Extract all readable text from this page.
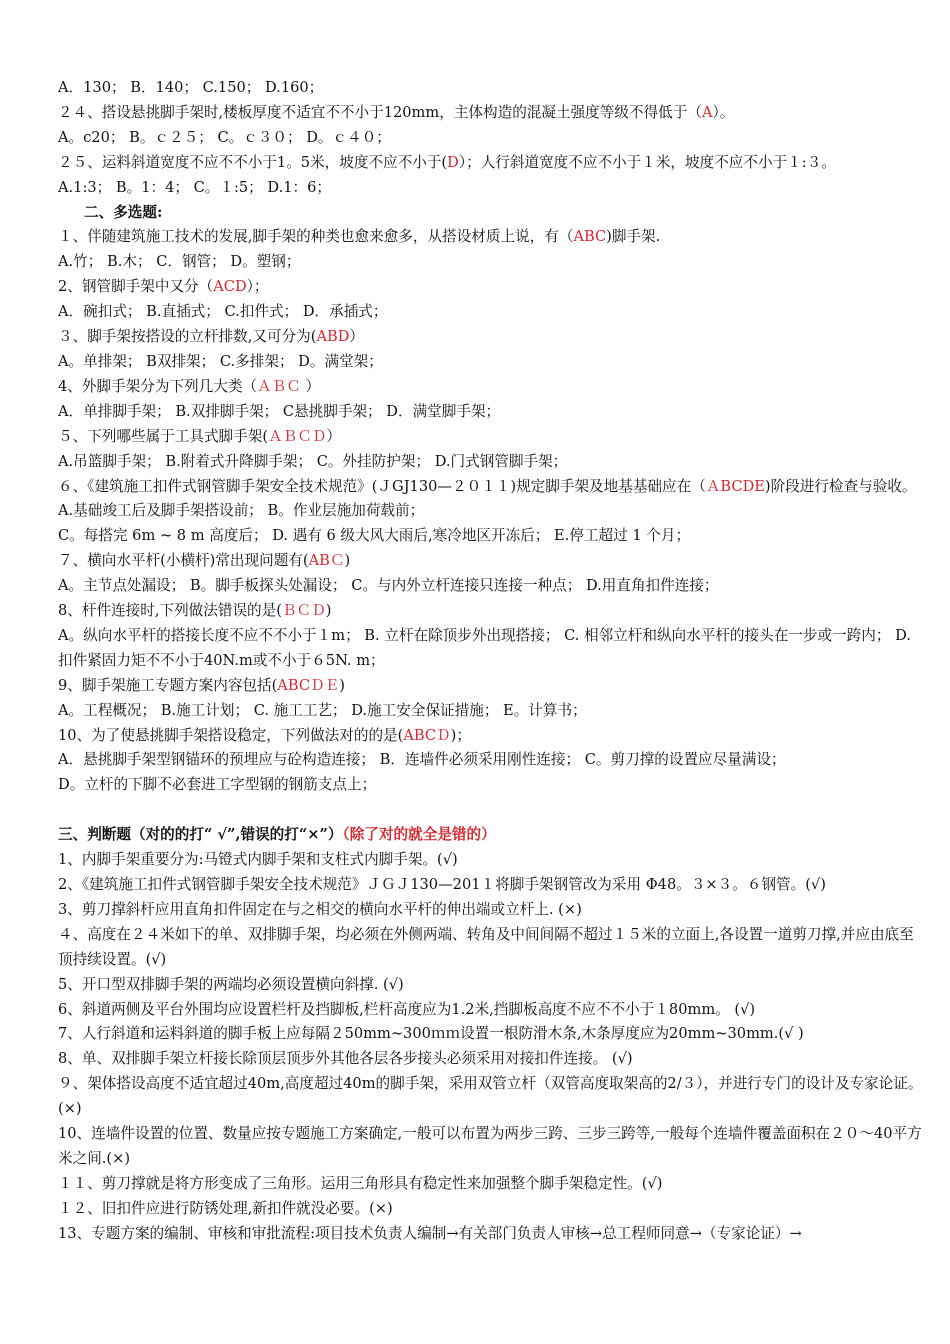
A．130； B．140； C.150； D.160；
２４、搭设悬挑脚手架时,楼板厚度不适宜不不小于120mm，主体构造的混凝土强度等级不得低于（A）。
A。c20； B。ｃ２５； C。ｃ３０； D。ｃ４０；
２５、运料斜道宽度不应不不小于1。5米，坡度不应不小于(D）；人行斜道宽度不应不小于１米，坡度不应不小于１:３。
A.1:3； B。1：4； C。１:5； D.1：6；
二、多选题:
１、伴随建筑施工技术的发展,脚手架的种类也愈来愈多，从搭设材质上说，有（ABC)脚手架.
A.竹； B.木； C．钢管； D。塑钢；
2、钢管脚手架中又分（ACD）；
A．碗扣式； B.直插式； C.扣件式； D．承插式；
３、脚手架按搭设的立杆排数,又可分为(ABD）
A。单排架； B双排架； C.多排架； D。满堂架；
4、外脚手架分为下列几大类（ＡＢＣ ）
A．单排脚手架； B.双排脚手架； C悬挑脚手架； D．满堂脚手架；
５、下列哪些属于工具式脚手架(ＡＢＣＤ）
A.吊篮脚手架； B.附着式升降脚手架； C。外挂防护架； D.门式钢管脚手架；
６、《建筑施工扣件式钢管脚手架安全技术规范》(ＪGJ130—２０１１)规定脚手架及地基基础应在（ＡBCDE)阶段进行检查与验收。
A.基础竣工后及脚手架搭设前； B。作业层施加荷载前；
C。每搭完 6m ~ 8 m 高度后； D. 遇有 6 级大风大雨后,寒冷地区开冻后； E.停工超过 1 个月；
７、横向水平杆(小横杆)常出现问题有(ABＣ)
A。主节点处漏设； B。脚手板探头处漏设； C。与内外立杆连接只连接一种点； D.用直角扣件连接；
8、杆件连接时,下列做法错误的是(ＢＣＤ)
A。纵向水平杆的搭接长度不应不不小于１m； B. 立杆在除顶步外出现搭接； C. 相邻立杆和纵向水平杆的接头在一步或一跨内； D.扣件紧固力矩不不小于40N.m或不小于６5N. m；
9、脚手架施工专题方案内容包括(ABCＤＥ)
A。工程概况； B.施工计划； C. 施工工艺； D.施工安全保证措施； E。计算书；
10、为了使悬挑脚手架搭设稳定，下列做法对的的是(ABCＤ)；
A．悬挑脚手架型钢锚环的预埋应与砼构造连接； B．连墙件必须采用刚性连接； C。剪刀撑的设置应尽量满设；
D。立杆的下脚不必套进工字型钢的钢筋支点上；
三、判断题（对的的打“ √”,错误的打“×”）（除了对的就全是错的）
1、内脚手架重要分为:马镫式内脚手架和支柱式内脚手架。(√)
2、《建筑施工扣件式钢管脚手架安全技术规范》ＪＧＪ130—201１将脚手架钢管改为采用 Φ48。３×３。６钢管。(√)
3、剪刀撑斜杆应用直角扣件固定在与之相交的横向水平杆的伸出端或立杆上. (×)
４、高度在２４米如下的单、双排脚手架，均必须在外侧两端、转角及中间间隔不超过１５米的立面上,各设置一道剪刀撑,并应由底至顶持续设置。(√)
5、开口型双排脚手架的两端均必须设置横向斜撑. (√)
6、斜道两侧及平台外围均应设置栏杆及挡脚板,栏杆高度应为1.2米,挡脚板高度不应不不小于１80mm。 (√)
7、人行斜道和运料斜道的脚手板上应每隔２50mm~300ｍｍ设置一根防滑木条,木条厚度应为20mm~30mm.(√ )
8、单、双排脚手架立杆接长除顶层顶步外其他各层各步接头必须采用对接扣件连接。 (√)
９、架体搭设高度不适宜超过40m,高度超过40m的脚手架，采用双管立杆（双管高度取架高的2/３），并进行专门的设计及专家论证。(×)
10、连墙件设置的位置、数量应按专题施工方案确定,一般可以布置为两步三跨、三步三跨等,一般每个连墙件覆盖面积在２０～40平方米之间.(×)
１１、剪刀撑就是将方形变成了三角形。运用三角形具有稳定性来加强整个脚手架稳定性。(√)
１２、旧扣件应进行防锈处理,新扣件就没必要。(×)
13、专题方案的编制、审核和审批流程:项目技术负责人编制→有关部门负责人审核→总工程师同意→（专家论证）→
